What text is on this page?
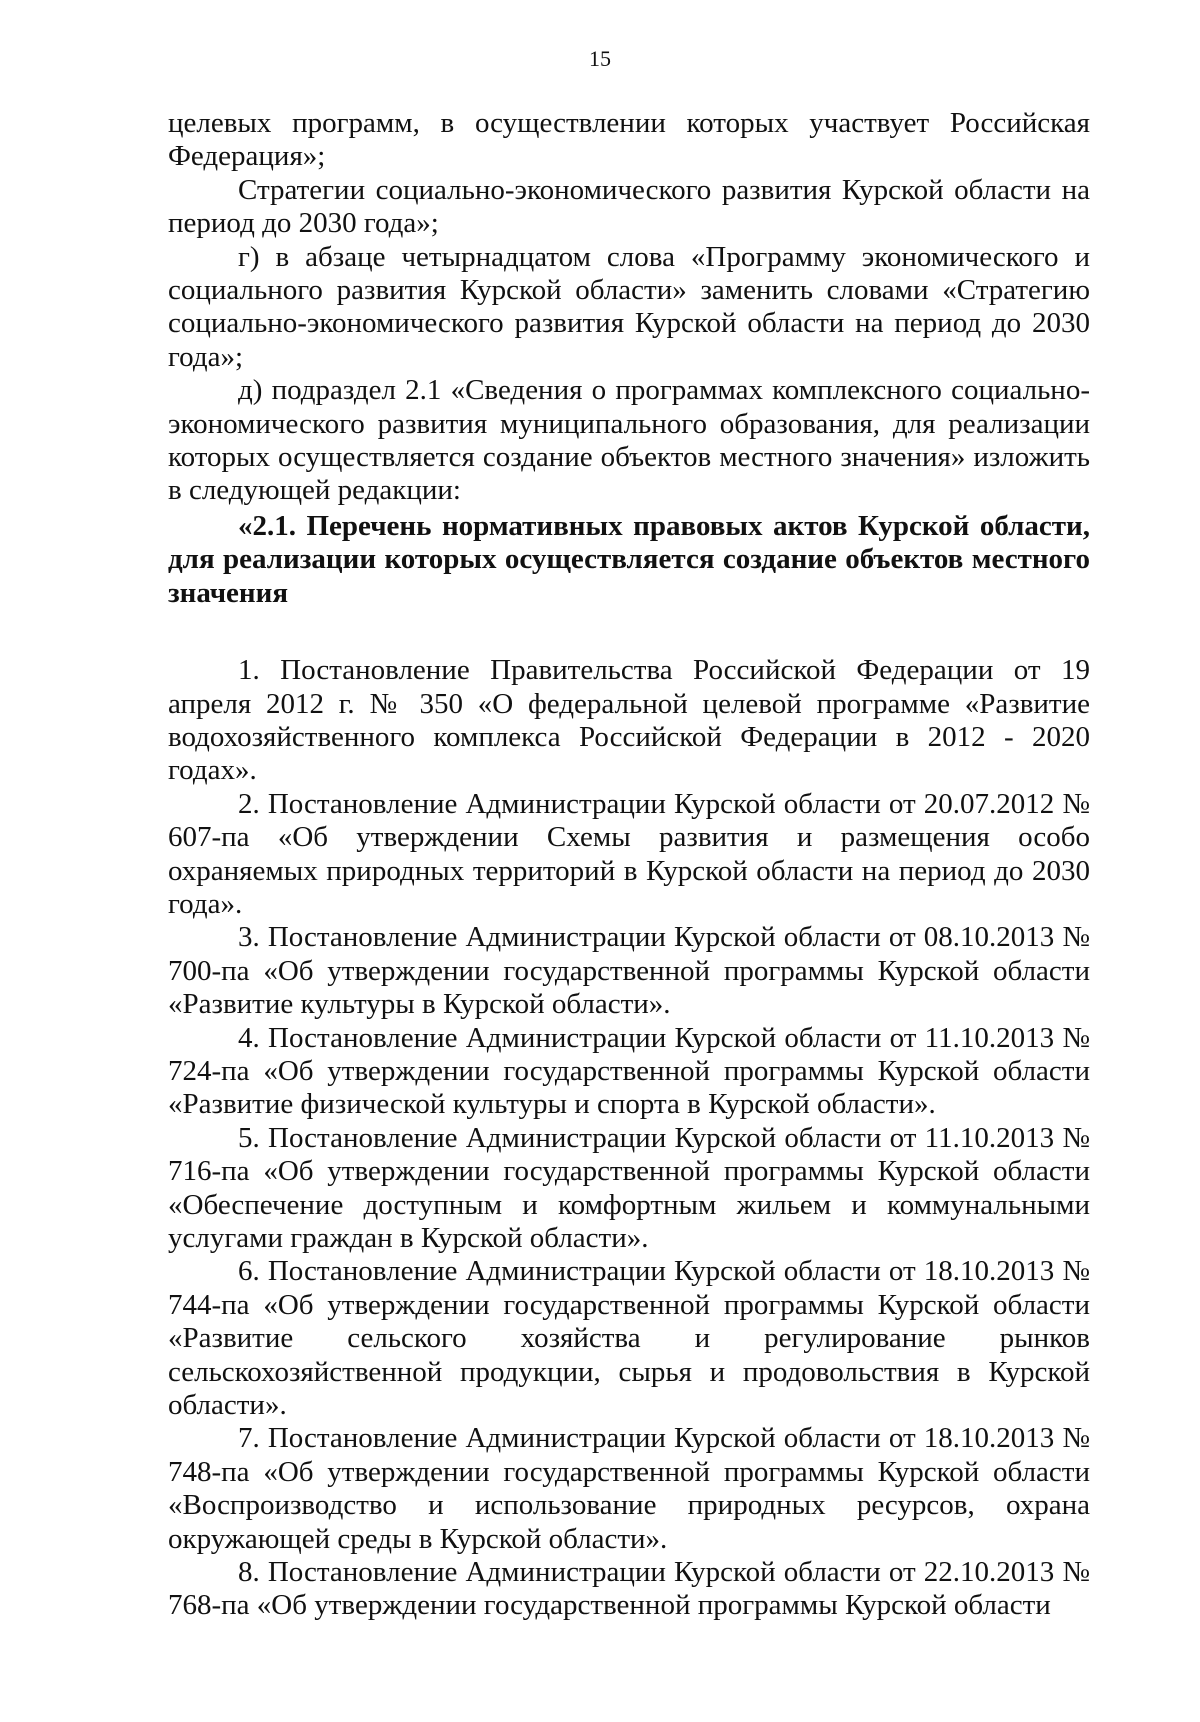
15

целевых программ, в осуществлении которых участвует Российская Федерация»;

Стратегии социально-экономического развития Курской области на период до 2030 года»;

г) в абзаце четырнадцатом слова «Программу экономического и социального развития Курской области» заменить словами «Стратегию социально-экономического развития Курской области на период до 2030 года»;

д) подраздел 2.1 «Сведения о программах комплексного социально-экономического развития муниципального образования, для реализации которых осуществляется создание объектов местного значения» изложить в следующей редакции:

«2.1. Перечень нормативных правовых актов Курской области, для реализации которых осуществляется создание объектов местного значения

1. Постановление Правительства Российской Федерации от 19 апреля 2012 г. № 350 «О федеральной целевой программе «Развитие водохозяйственного комплекса Российской Федерации в 2012 - 2020 годах».

2. Постановление Администрации Курской области от 20.07.2012 № 607-па «Об утверждении Схемы развития и размещения особо охраняемых природных территорий в Курской области на период до 2030 года».

3. Постановление Администрации Курской области от 08.10.2013 № 700-па «Об утверждении государственной программы Курской области «Развитие культуры в Курской области».

4. Постановление Администрации Курской области от 11.10.2013 № 724-па «Об утверждении государственной программы Курской области «Развитие физической культуры и спорта в Курской области».

5. Постановление Администрации Курской области от 11.10.2013 № 716-па «Об утверждении государственной программы Курской области «Обеспечение доступным и комфортным жильем и коммунальными услугами граждан в Курской области».

6. Постановление Администрации Курской области от 18.10.2013 № 744-па «Об утверждении государственной программы Курской области «Развитие сельского хозяйства и регулирование рынков сельскохозяйственной продукции, сырья и продовольствия в Курской области».

7. Постановление Администрации Курской области от 18.10.2013 № 748-па «Об утверждении государственной программы Курской области «Воспроизводство и использование природных ресурсов, охрана окружающей среды в Курской области».

8. Постановление Администрации Курской области от 22.10.2013 № 768-па «Об утверждении государственной программы Курской области
